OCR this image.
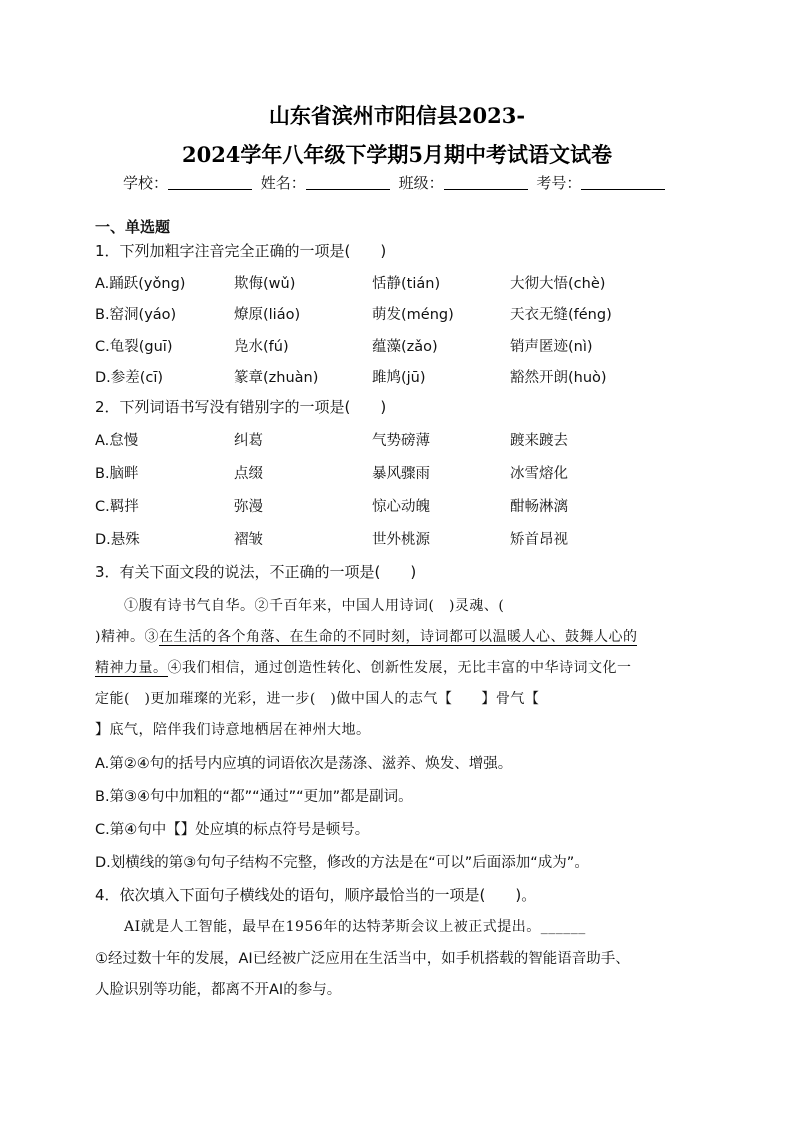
山东省滨州市阳信县2023-
2024学年八年级下学期5月期中考试语文试卷
学校：	姓名：	班级：	考号：
一、单选题
1．下列加粗字注音完全正确的一项是(　　)
A.踊跃(yǒng)	欺侮(wǔ)	恬静(tián)	大彻大悟(chè)
B.窑洞(yáo)	燎原(liáo)	萌发(méng)	天衣无缝(féng)
C.龟裂(guī)	凫水(fú)	蕴藻(zǎo)	销声匿迹(nì)
D.参差(cī)	篆章(zhuàn)	雎鸠(jū)	豁然开朗(huò)
2．下列词语书写没有错别字的一项是(　　)
A.怠慢	纠葛	气势磅薄	踱来踱去
B.脑畔	点缀	暴风骤雨	冰雪熔化
C.羁拌	弥漫	惊心动魄	酣畅淋漓
D.悬殊	褶皱	世外桃源	矫首昂视
3．有关下面文段的说法，不正确的一项是(　　)
①腹有诗书气自华。②千百年来，中国人用诗词(　)灵魂、(
)精神。③在生活的各个角落、在生命的不同时刻，诗词都可以温暖人心、鼓舞人心的
精神力量。④我们相信，通过创造性转化、创新性发展，无比丰富的中华诗词文化一
定能(　)更加璀璨的光彩，进一步(　)做中国人的志气【　　】骨气【
】底气，陪伴我们诗意地栖居在神州大地。
A.第②④句的括号内应填的词语依次是荡涤、滋养、焕发、增强。
B.第③④句中加粗的“都”“通过”“更加”都是副词。
C.第④句中【】处应填的标点符号是顿号。
D.划横线的第③句句子结构不完整，修改的方法是在“可以”后面添加“成为”。
4．依次填入下面句子横线处的语句，顺序最恰当的一项是(　　)。
AI就是人工智能，最早在1956年的达特茅斯会议上被正式提出。______
①经过数十年的发展，AI已经被广泛应用在生活当中，如手机搭载的智能语音助手、
人脸识别等功能，都离不开AI的参与。
